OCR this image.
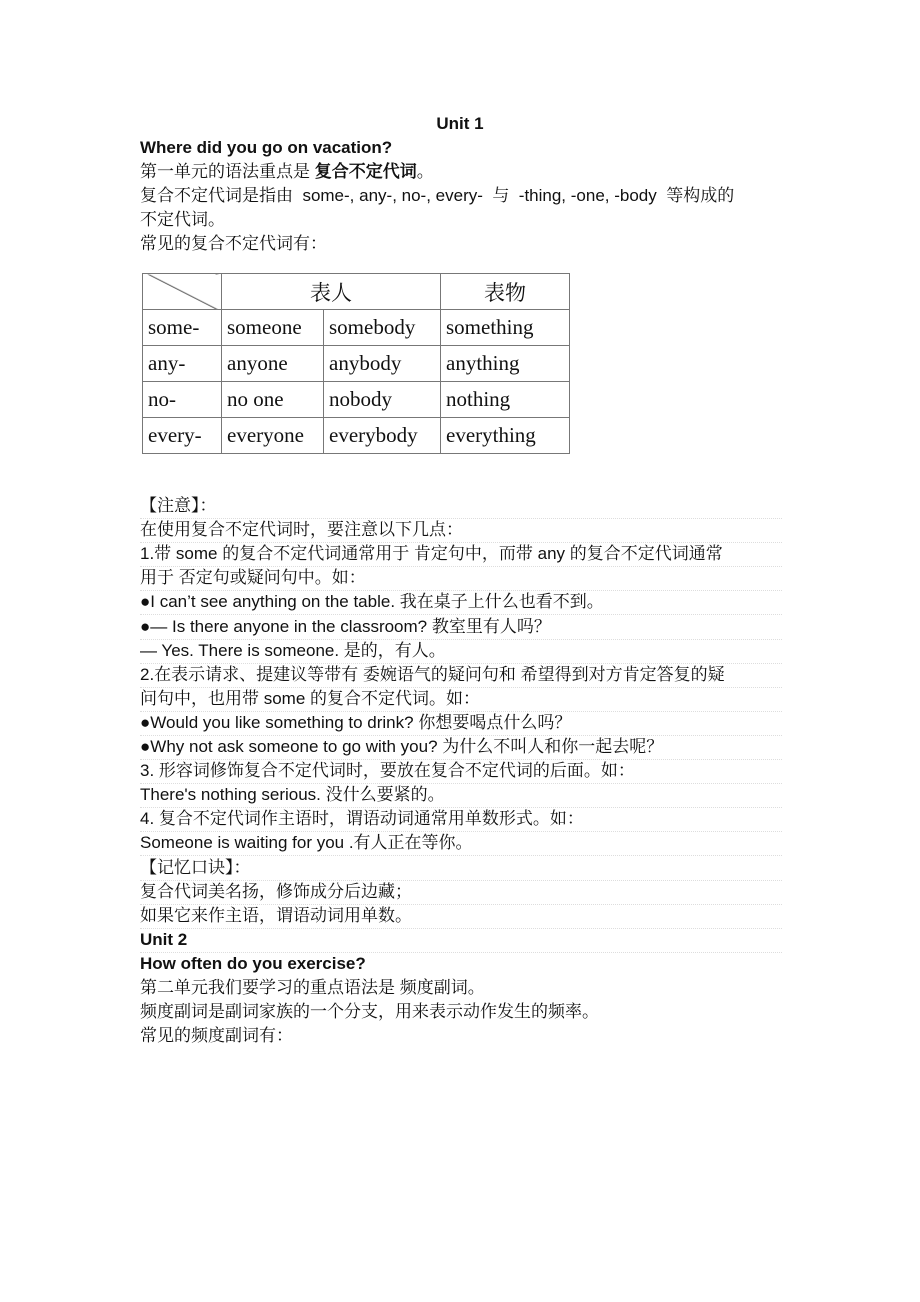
Unit 1
Where did you go on vacation?
第一单元的语法重点是 复合不定代词。
复合不定代词是指由  some-, any-, no-, every-  与  -thing, -one, -body  等构成的
不定代词。
常见的复合不定代词有：
	表人		表物
some-	someone	somebody	something
any-	anyone	anybody	anything
no-	no one	nobody	nothing
every-	everyone	everybody	everything
【注意】：
在使用复合不定代词时，要注意以下几点：
1.带 some 的复合不定代词通常用于 肯定句中，而带 any 的复合不定代词通常
用于 否定句或疑问句中。如：
●I can’t see anything on the table. 我在桌子上什么也看不到。
●— Is there anyone in the classroom? 教室里有人吗？
— Yes. There is someone. 是的，有人。
2.在表示请求、提建议等带有 委婉语气的疑问句和 希望得到对方肯定答复的疑
问句中，也用带 some 的复合不定代词。如：
●Would you like something to drink? 你想要喝点什么吗？
●Why not ask someone to go with you? 为什么不叫人和你一起去呢？
3. 形容词修饰复合不定代词时，要放在复合不定代词的后面。如：
There's nothing serious. 没什么要紧的。
4. 复合不定代词作主语时，谓语动词通常用单数形式。如：
Someone is waiting for you .有人正在等你。
【记忆口诀】：
复合代词美名扬，修饰成分后边藏；
如果它来作主语，谓语动词用单数。
Unit 2
How often do you exercise?
第二单元我们要学习的重点语法是 频度副词。
频度副词是副词家族的一个分支，用来表示动作发生的频率。
常见的频度副词有：
